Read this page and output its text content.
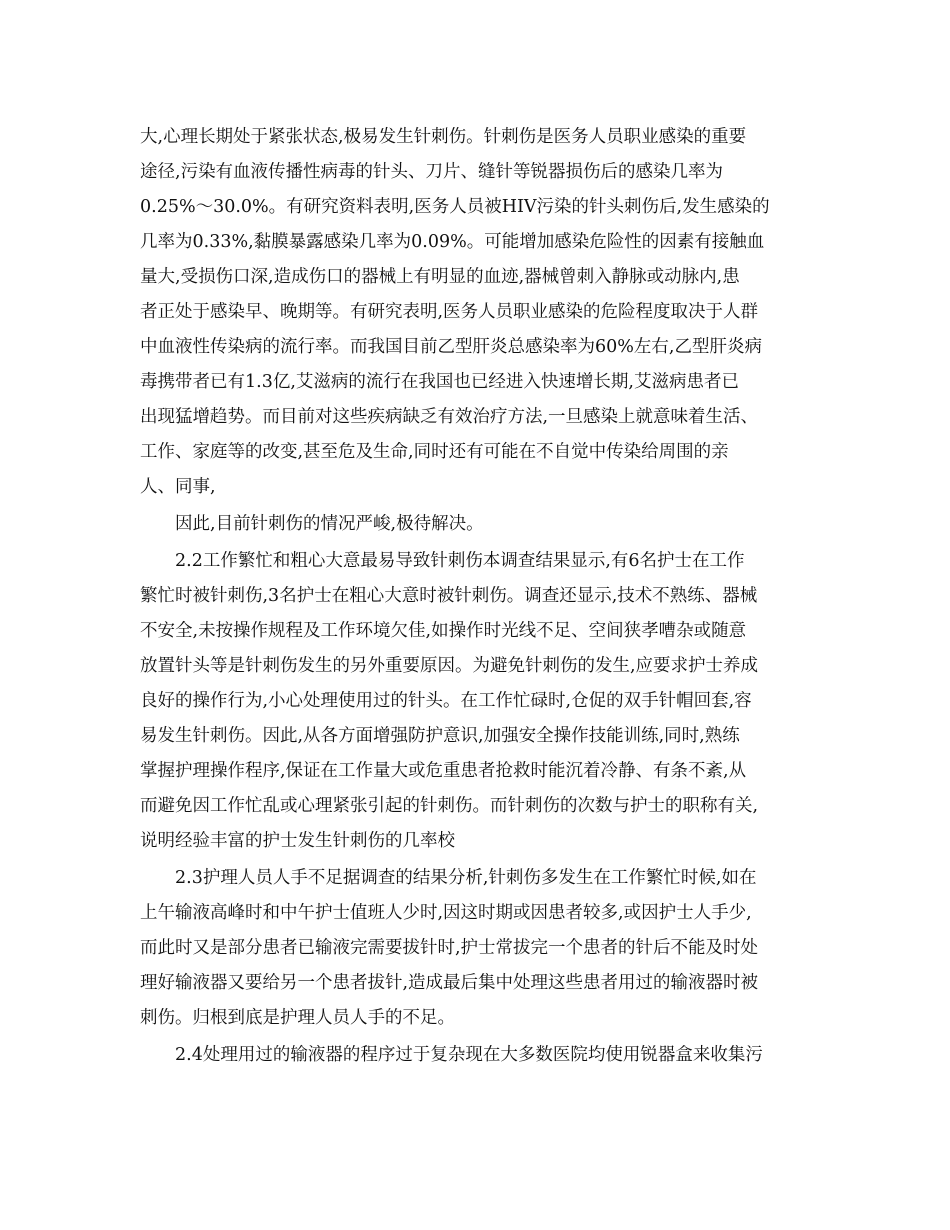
大,心理长期处于紧张状态,极易发生针刺伤。针刺伤是医务人员职业感染的重要
途径,污染有血液传播性病毒的针头、刀片、缝针等锐器损伤后的感染几率为
0.25%～30.0%。有研究资料表明,医务人员被HIV污染的针头刺伤后,发生感染的
几率为0.33%,黏膜暴露感染几率为0.09%。可能增加感染危险性的因素有接触血
量大,受损伤口深,造成伤口的器械上有明显的血迹,器械曾刺入静脉或动脉内,患
者正处于感染早、晚期等。有研究表明,医务人员职业感染的危险程度取决于人群
中血液性传染病的流行率。而我国目前乙型肝炎总感染率为60%左右,乙型肝炎病
毒携带者已有1.3亿,艾滋病的流行在我国也已经进入快速增长期,艾滋病患者已
出现猛增趋势。而目前对这些疾病缺乏有效治疗方法,一旦感染上就意味着生活、
工作、家庭等的改变,甚至危及生命,同时还有可能在不自觉中传染给周围的亲
人、同事,
因此,目前针刺伤的情况严峻,极待解决。
2.2工作繁忙和粗心大意最易导致针刺伤本调查结果显示,有6名护士在工作
繁忙时被针刺伤,3名护士在粗心大意时被针刺伤。调查还显示,技术不熟练、器械
不安全,未按操作规程及工作环境欠佳,如操作时光线不足、空间狭孝嘈杂或随意
放置针头等是针刺伤发生的另外重要原因。为避免针刺伤的发生,应要求护士养成
良好的操作行为,小心处理使用过的针头。在工作忙碌时,仓促的双手针帽回套,容
易发生针刺伤。因此,从各方面增强防护意识,加强安全操作技能训练,同时,熟练
掌握护理操作程序,保证在工作量大或危重患者抢救时能沉着冷静、有条不紊,从
而避免因工作忙乱或心理紧张引起的针刺伤。而针刺伤的次数与护士的职称有关,
说明经验丰富的护士发生针刺伤的几率校
2.3护理人员人手不足据调查的结果分析,针刺伤多发生在工作繁忙时候,如在
上午输液高峰时和中午护士值班人少时,因这时期或因患者较多,或因护士人手少,
而此时又是部分患者已输液完需要拔针时,护士常拔完一个患者的针后不能及时处
理好输液器又要给另一个患者拔针,造成最后集中处理这些患者用过的输液器时被
刺伤。归根到底是护理人员人手的不足。
2.4处理用过的输液器的程序过于复杂现在大多数医院均使用锐器盒来收集污
